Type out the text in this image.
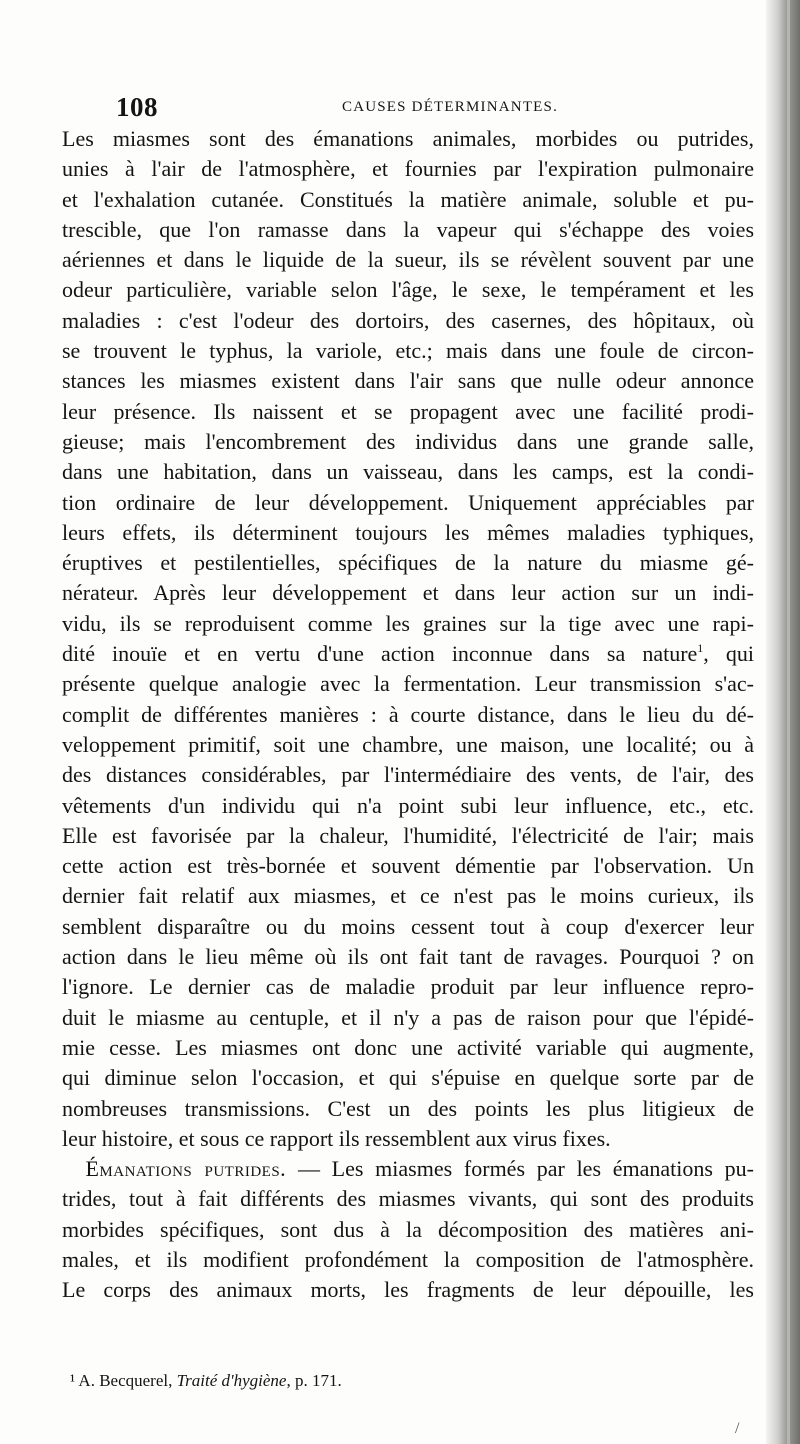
108	CAUSES DÉTERMINANTES.
Les miasmes sont des émanations animales, morbides ou putrides,
unies à l'air de l'atmosphère, et fournies par l'expiration pulmonaire
et l'exhalation cutanée. Constitués la matière animale, soluble et pu-
trescible, que l'on ramasse dans la vapeur qui s'échappe des voies
aériennes et dans le liquide de la sueur, ils se révèlent souvent par une
odeur particulière, variable selon l'âge, le sexe, le tempérament et les
maladies : c'est l'odeur des dortoirs, des casernes, des hôpitaux, où
se trouvent le typhus, la variole, etc.; mais dans une foule de circon-
stances les miasmes existent dans l'air sans que nulle odeur annonce
leur présence. Ils naissent et se propagent avec une facilité prodi-
gieuse; mais l'encombrement des individus dans une grande salle,
dans une habitation, dans un vaisseau, dans les camps, est la condi-
tion ordinaire de leur développement. Uniquement appréciables par
leurs effets, ils déterminent toujours les mêmes maladies typhiques,
éruptives et pestilentielles, spécifiques de la nature du miasme gé-
nérateur. Après leur développement et dans leur action sur un indi-
vidu, ils se reproduisent comme les graines sur la tige avec une rapi-
dité inouïe et en vertu d'une action inconnue dans sa nature$^1$, qui
présente quelque analogie avec la fermentation. Leur transmission s'ac-
complit de différentes manières : à courte distance, dans le lieu du dé-
veloppement primitif, soit une chambre, une maison, une localité; ou à
des distances considérables, par l'intermédiaire des vents, de l'air, des
vêtements d'un individu qui n'a point subi leur influence, etc., etc.
Elle est favorisée par la chaleur, l'humidité, l'électricité de l'air; mais
cette action est très-bornée et souvent démentie par l'observation. Un
dernier fait relatif aux miasmes, et ce n'est pas le moins curieux, ils
semblent disparaître ou du moins cessent tout à coup d'exercer leur
action dans le lieu même où ils ont fait tant de ravages. Pourquoi ? on
l'ignore. Le dernier cas de maladie produit par leur influence repro-
duit le miasme au centuple, et il n'y a pas de raison pour que l'épidé-
mie cesse. Les miasmes ont donc une activité variable qui augmente,
qui diminue selon l'occasion, et qui s'épuise en quelque sorte par de
nombreuses transmissions. C'est un des points les plus litigieux de
leur histoire, et sous ce rapport ils ressemblent aux virus fixes.
Émanations putrides. — Les miasmes formés par les émanations pu-
trides, tout à fait différents des miasmes vivants, qui sont des produits
morbides spécifiques, sont dus à la décomposition des matières ani-
males, et ils modifient profondément la composition de l'atmosphère.
Le corps des animaux morts, les fragments de leur dépouille, les
¹ A. Becquerel, Traité d'hygiène, p. 171.
/
